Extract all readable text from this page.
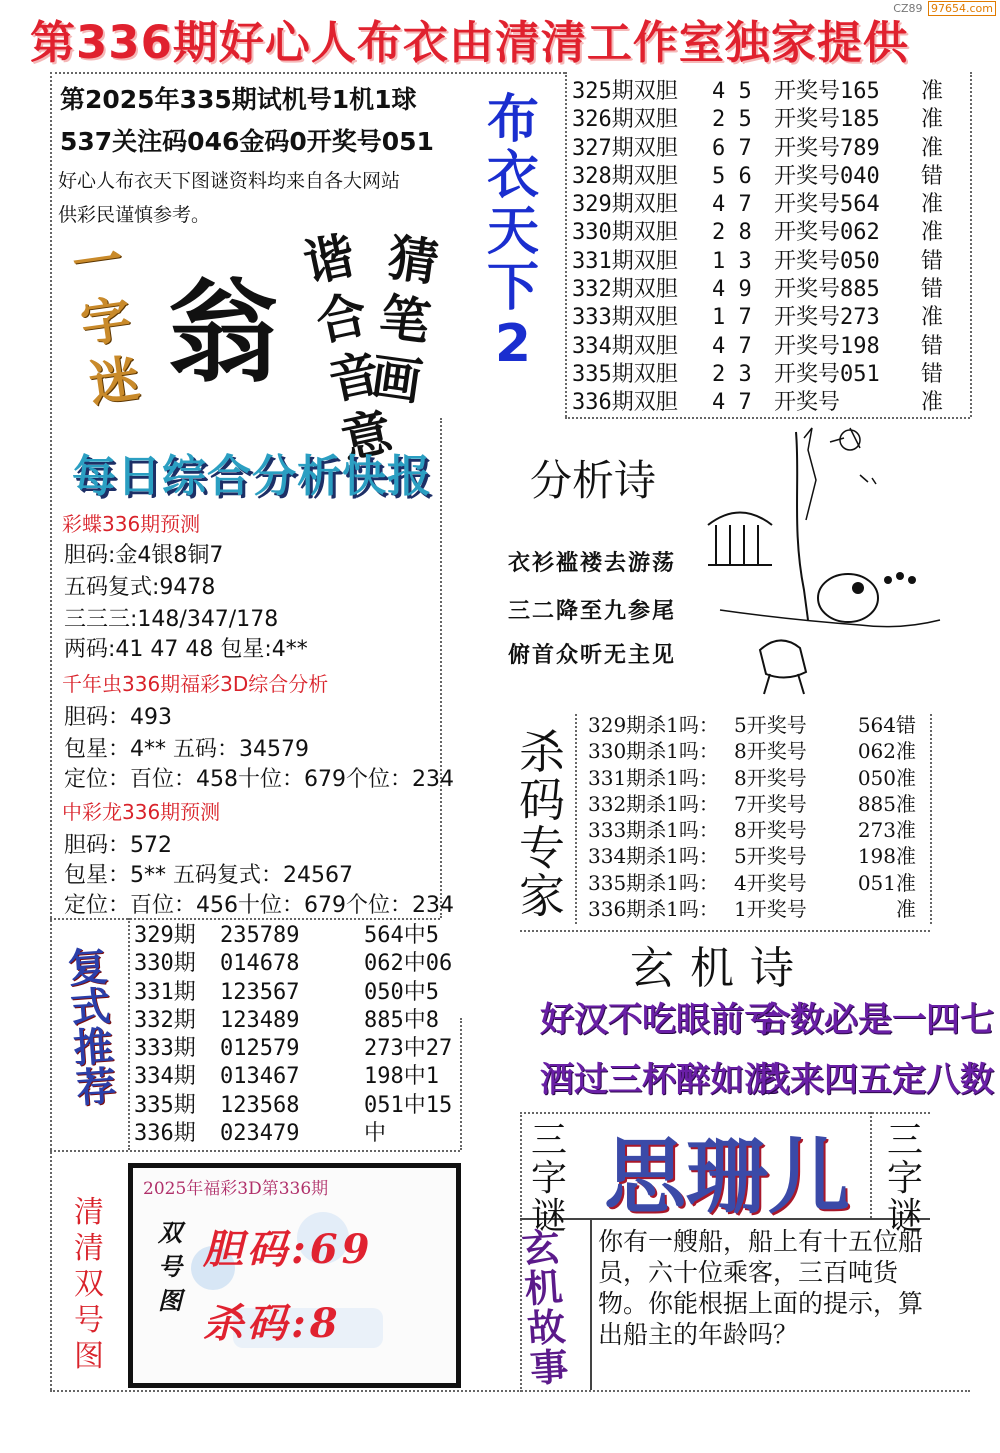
第336期好心人布衣由清清工作室独家提供
CZ89 97654.com
第2025年335期试机号1机1球
537关注码046金码0开奖号051
好心人布衣天下图谜资料均来自各大网站
供彩民谨慎参考。
布
衣
天
下
2
325期双胆 4 5 开奖号165 准
326期双胆 2 5 开奖号185 准
327期双胆 6 7 开奖号789 准
328期双胆 5 6 开奖号040 错
329期双胆 4 7 开奖号564 准
330期双胆 2 8 开奖号062 准
331期双胆 1 3 开奖号050 错
332期双胆 4 9 开奖号885 错
333期双胆 1 7 开奖号273 准
334期双胆 4 7 开奖号198 错
335期双胆 2 3 开奖号051 错
336期双胆 4 7 开奖号	准
一
字
迷 翁
谐
合
音
意
猜
笔
画
每日综合分析快报
彩蝶336期预测
胆码:金4银8铜7
五码复式:9478
三三三:148/347/178
两码:41 47 48 包星:4**
千年虫336期福彩3D综合分析
胆码：493
包星：4** 五码：34579
定位：百位：458十位：679个位：234
中彩龙336期预测
胆码：572
包星：5** 五码复式：24567
定位：百位：456十位：679个位：234
分析诗
衣衫褴褛去游荡
三二降至九参尾
俯首众听无主见
杀
码
专
家
329期杀1吗： 5开奖号	564错
330期杀1吗： 8开奖号	062准
331期杀1吗： 8开奖号	050准
332期杀1吗： 7开奖号	885准
333期杀1吗： 8开奖号	273准
334期杀1吗： 5开奖号	198准
335期杀1吗： 4开奖号	051准
336期杀1吗： 1开奖号	准
复
式
推
荐
329期 235789	564中5
330期 014678	062中06
331期 123567	050中5
332期 123489	885中8
333期 012579	273中27
334期 013467	198中1
335期 123568	051中15
336期 023479	中
玄机诗
好汉不吃眼前亏
合数必是一四七
酒过三杯醉如泥
找来四五定八数
三
字
谜 思珊儿 三
字
谜
清
清
双
号
图
2025年福彩3D第336期
双
号
图
胆码:69
杀码:8
玄
机
故
事
你有一艘船，船上有十五位船员，六十位乘客，三百吨货物。你能根据上面的提示，算出船主的年龄吗？
